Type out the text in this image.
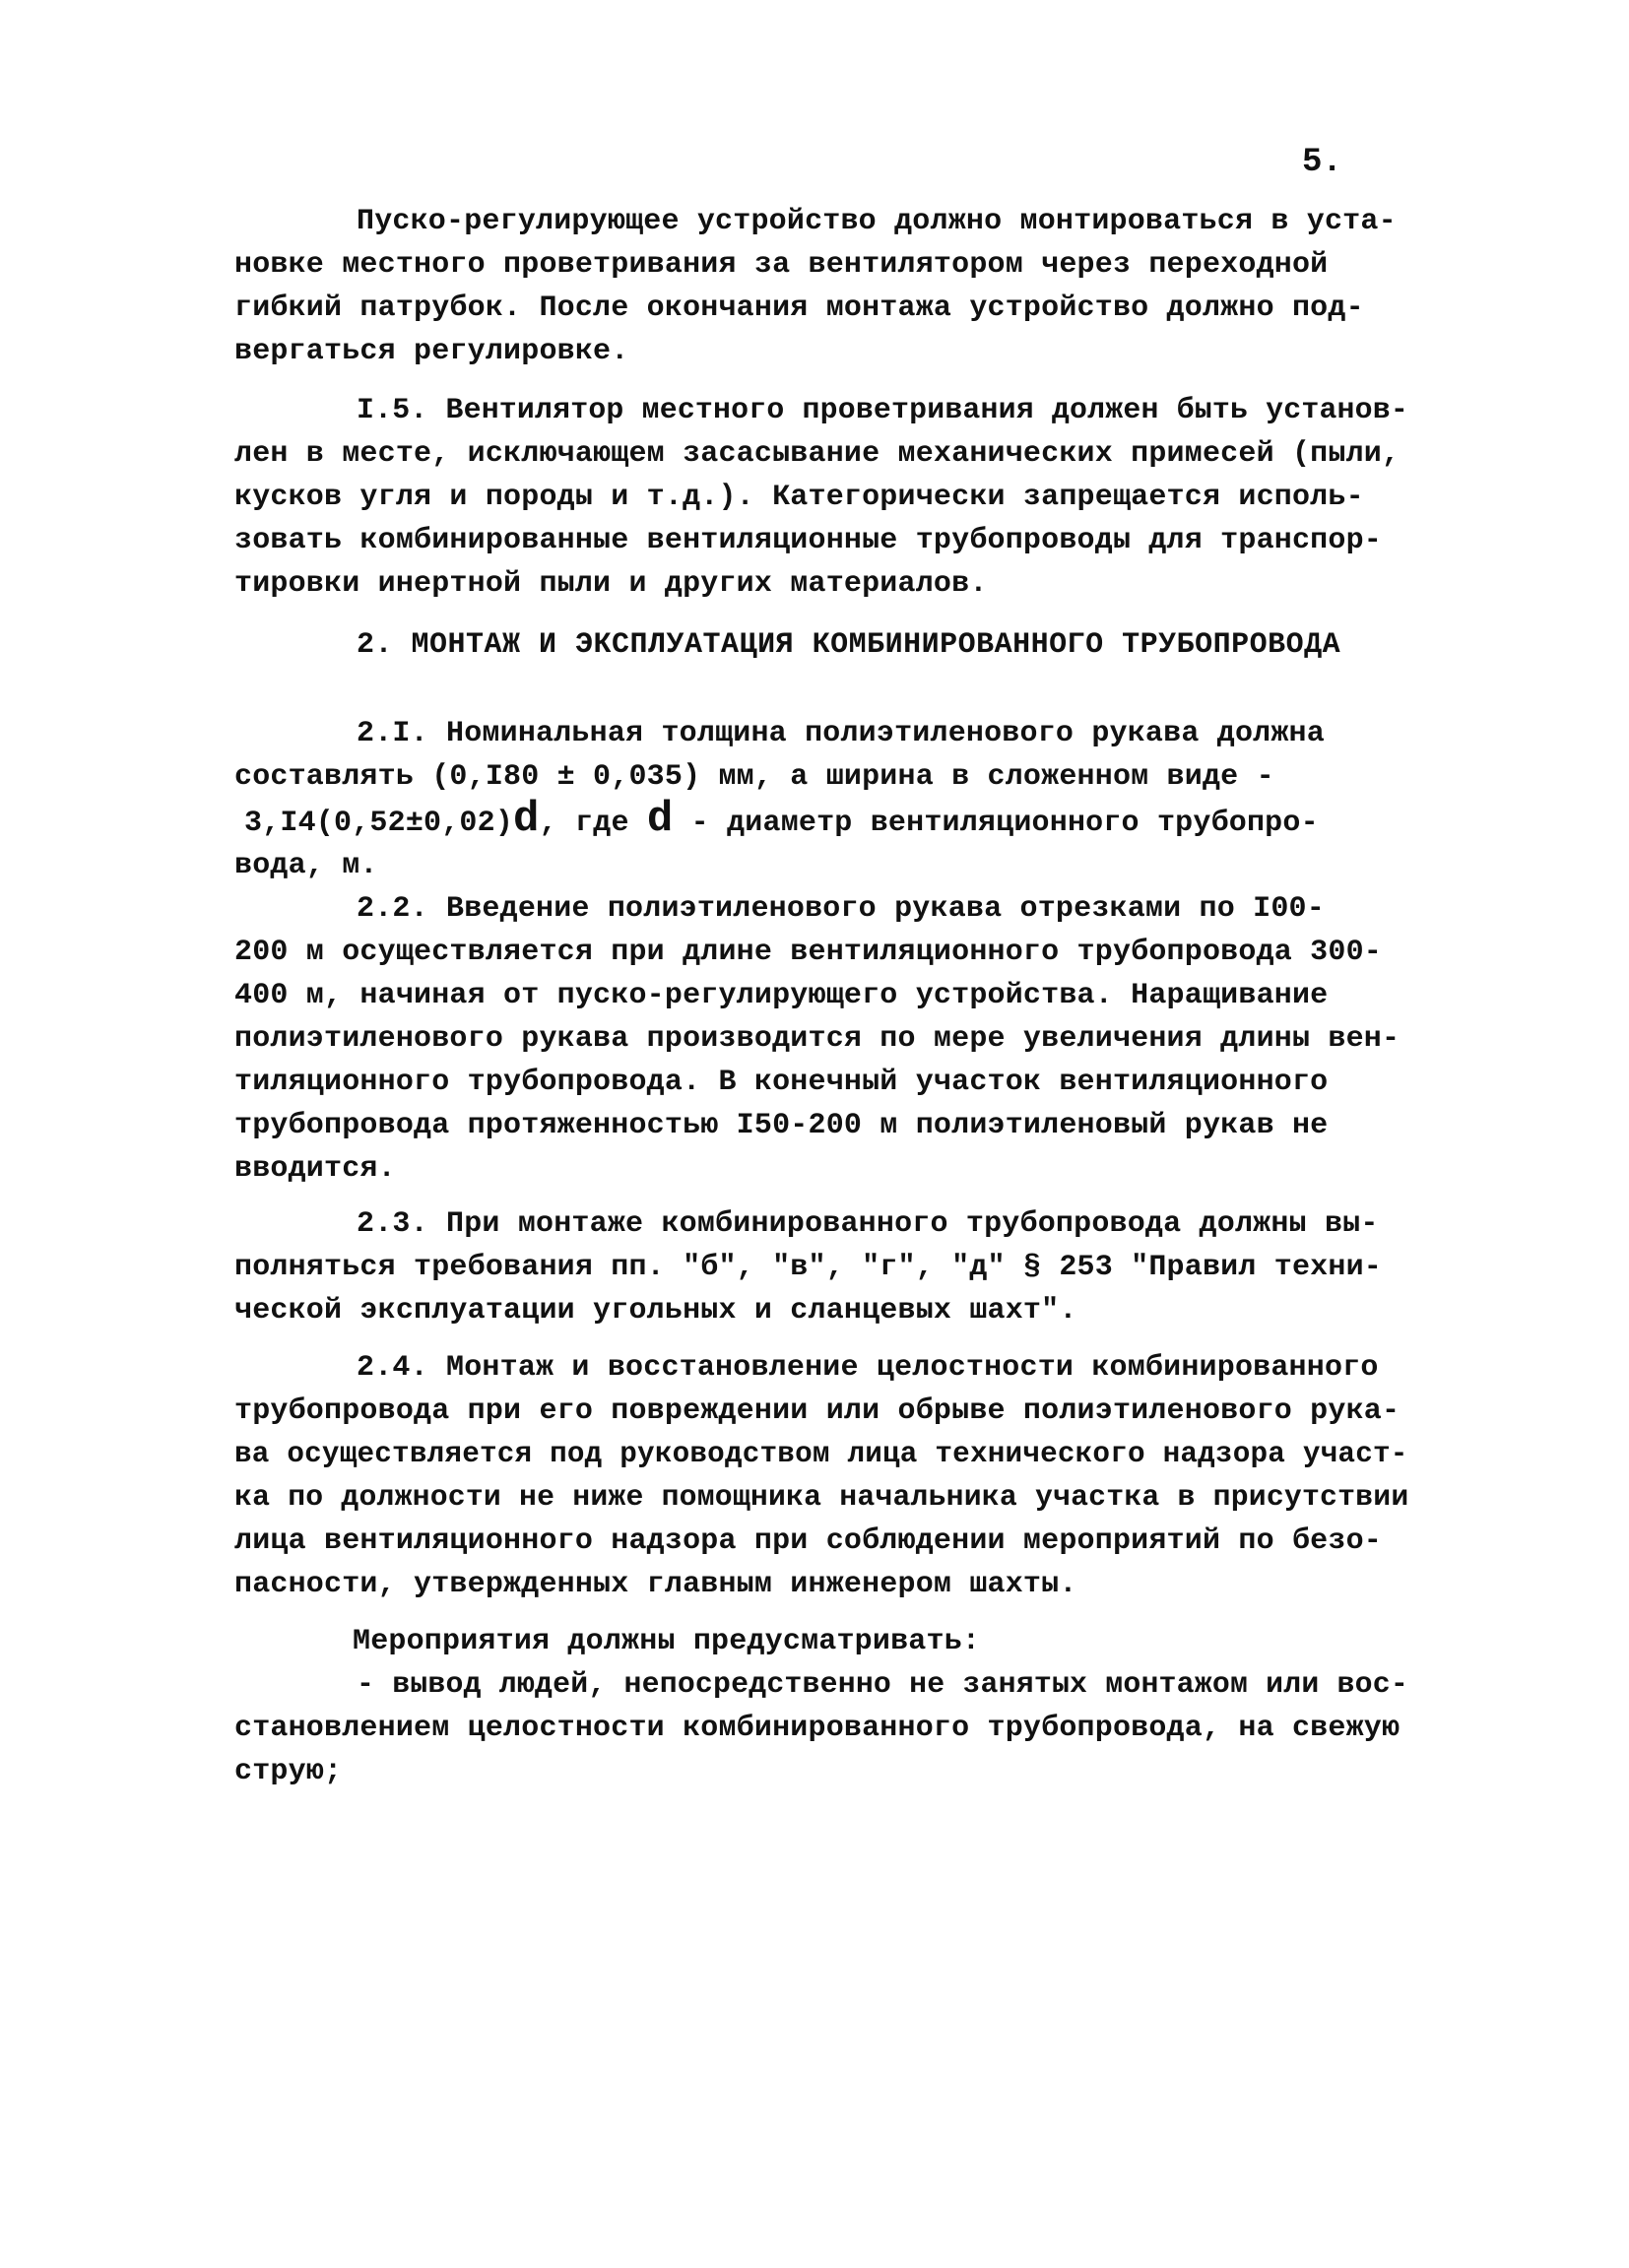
5.
Пуско-регулирующее устройство должно монтироваться в уста-
новке местного проветривания за вентилятором через переходной
гибкий патрубок. После окончания монтажа устройство должно под-
вергаться регулировке.
I.5. Вентилятор местного проветривания должен быть установ-
лен в месте, исключающем засасывание механических примесей (пыли,
кусков угля и породы и т.д.). Категорически запрещается исполь-
зовать комбинированные вентиляционные трубопроводы для транспор-
тировки инертной пыли и других материалов.
2. МОНТАЖ И ЭКСПЛУАТАЦИЯ КОМБИНИРОВАННОГО ТРУБОПРОВОДА
2.I. Номинальная толщина полиэтиленового рукава должна
составлять (0,I80 ± 0,035) мм, а ширина в сложенном виде -
3,I4(0,52±0,02)d, где d - диаметр вентиляционного трубопро-
вода, м.
2.2. Введение полиэтиленового рукава отрезками по I00-
200 м осуществляется при длине вентиляционного трубопровода 300-
400 м, начиная от пуско-регулирующего устройства. Наращивание
полиэтиленового рукава производится по мере увеличения длины вен-
тиляционного трубопровода. В конечный участок вентиляционного
трубопровода протяженностью I50-200 м полиэтиленовый рукав не
вводится.
2.3. При монтаже комбинированного трубопровода должны вы-
полняться требования пп. "б", "в", "г", "д" § 253 "Правил техни-
ческой эксплуатации угольных и сланцевых шахт".
2.4. Монтаж и восстановление целостности комбинированного
трубопровода при его повреждении или обрыве полиэтиленового рука-
ва осуществляется под руководством лица технического надзора участ-
ка по должности не ниже помощника начальника участка в присутствии
лица вентиляционного надзора при соблюдении мероприятий по безо-
пасности, утвержденных главным инженером шахты.
Мероприятия должны предусматривать:
- вывод людей, непосредственно не занятых монтажом или вос-
становлением целостности комбинированного трубопровода, на свежую
струю;
